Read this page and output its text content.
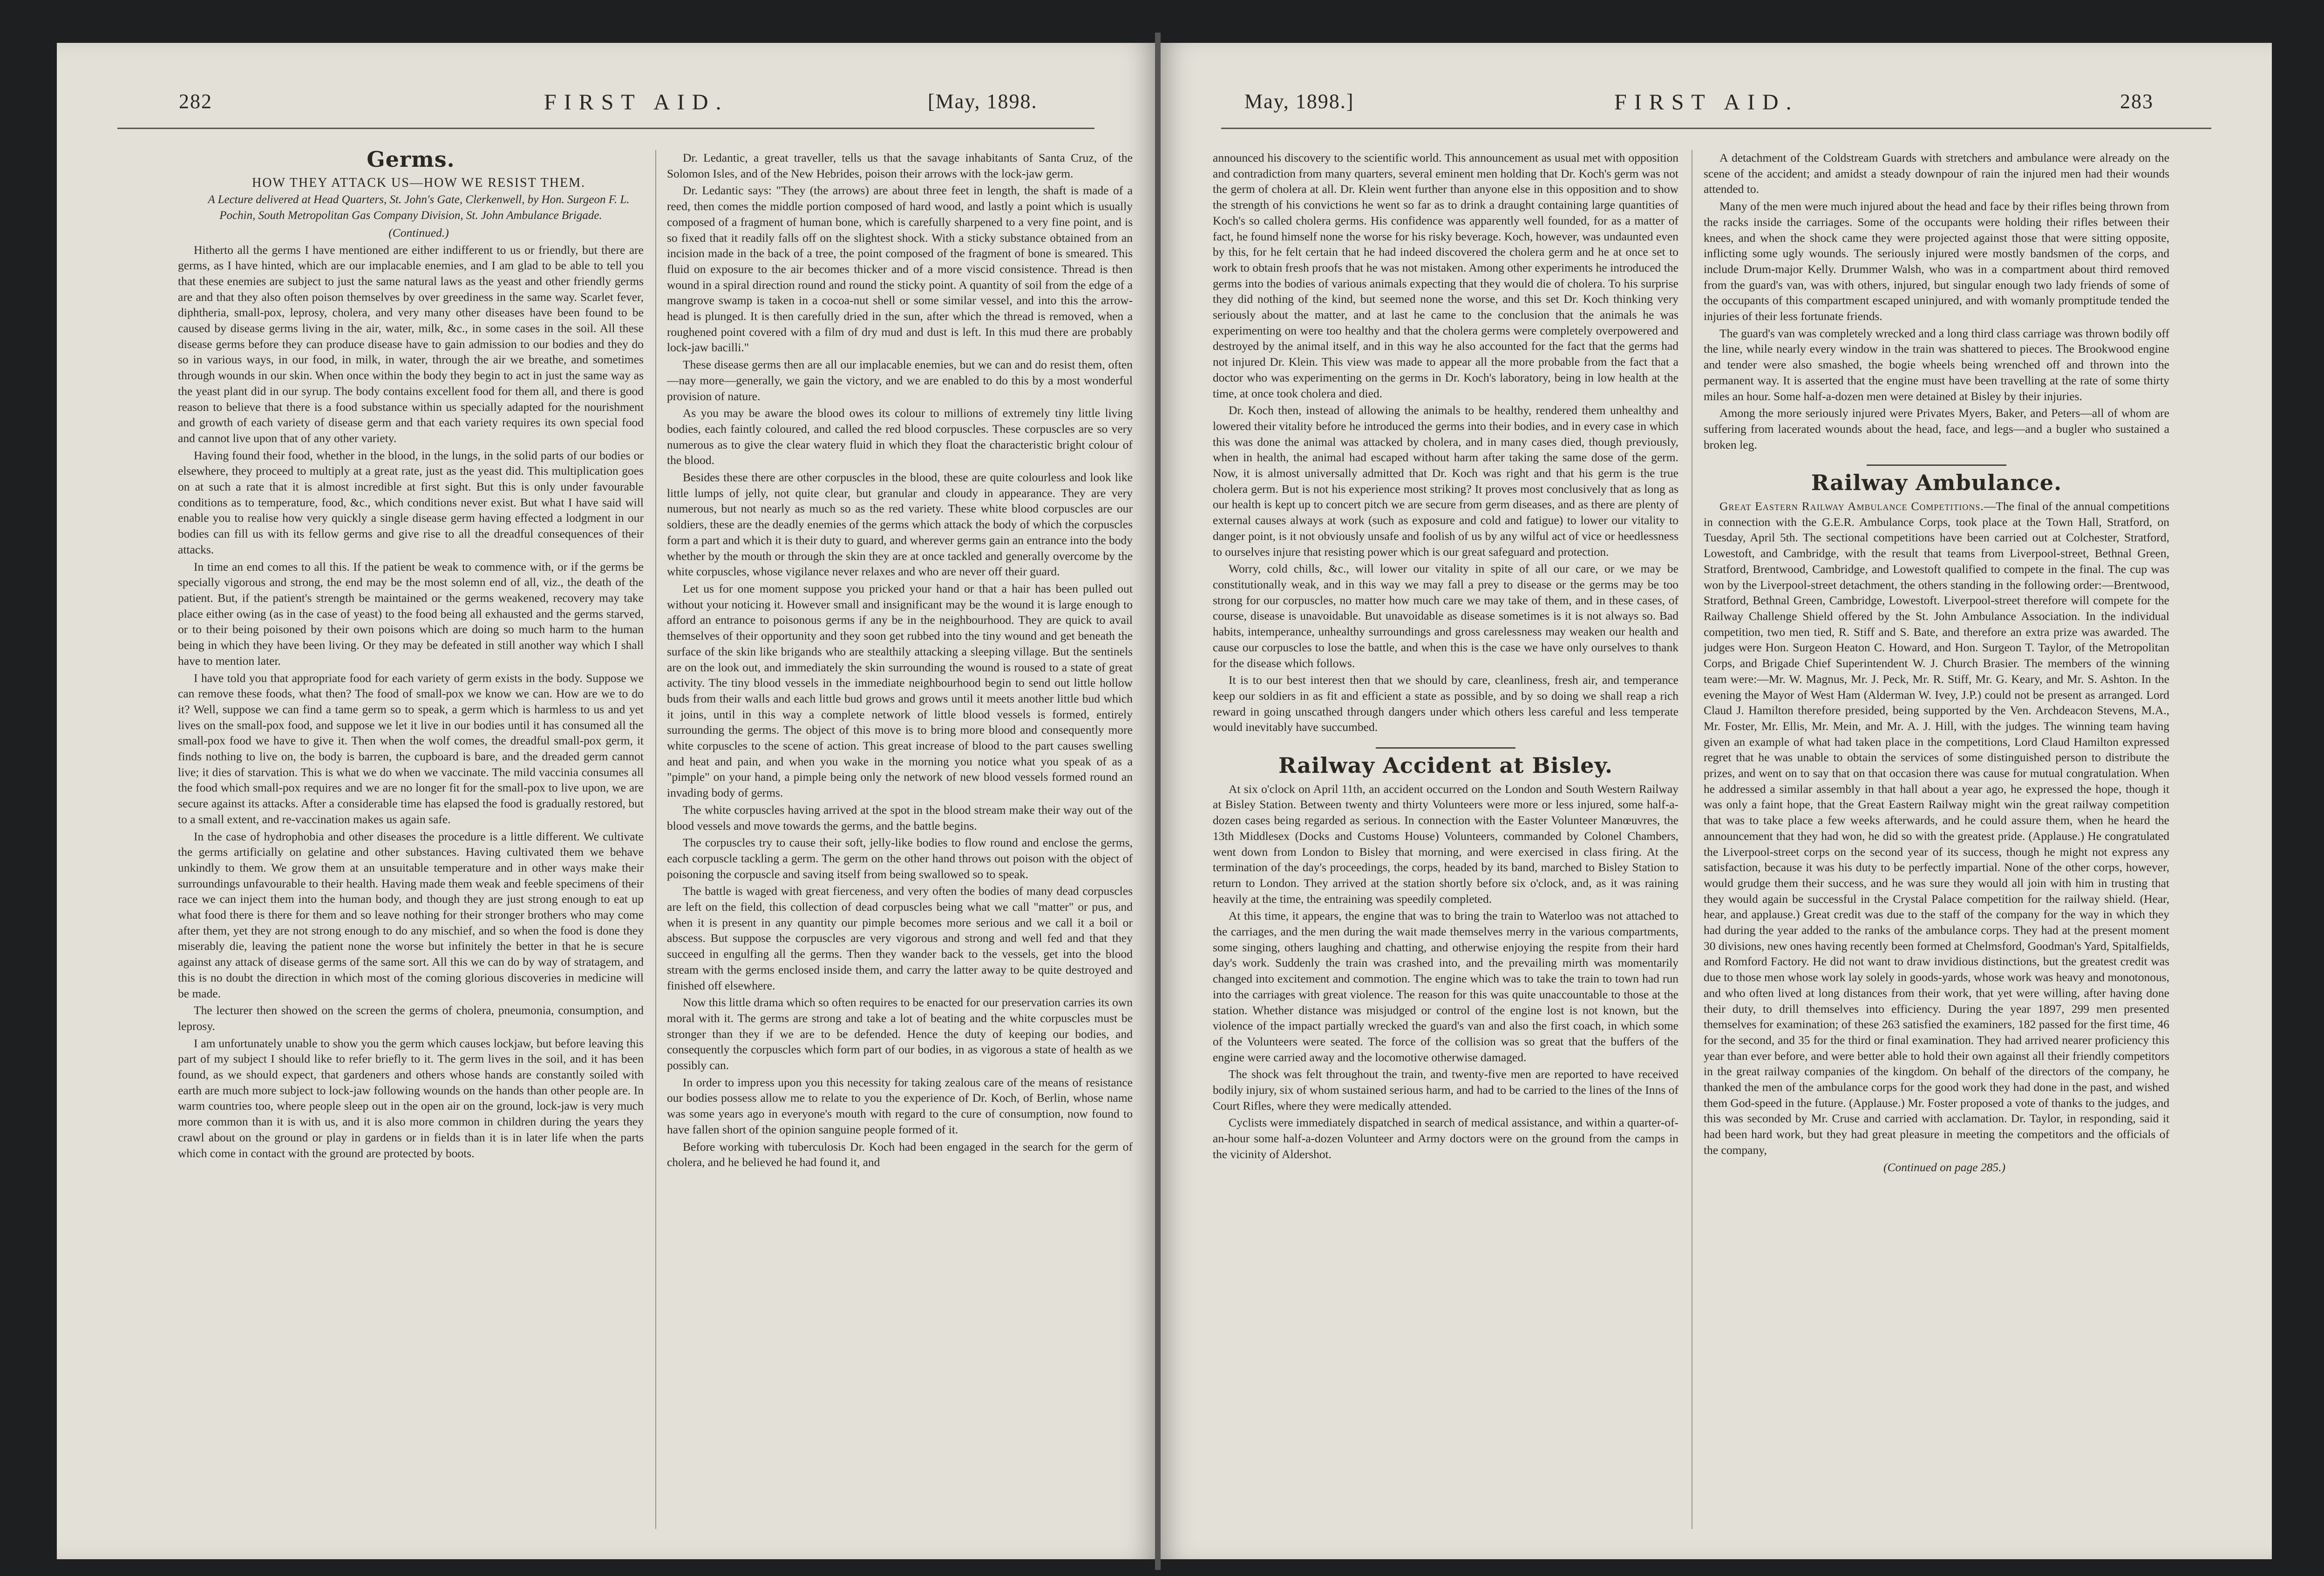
282	FIRST AID.	[May, 1898.
Germs.

HOW THEY ATTACK US—HOW WE RESIST THEM.

A Lecture delivered at Head Quarters, St. John's Gate, Clerkenwell, by Hon. Surgeon F. L. Pochin, South Metropolitan Gas Company Division, St. John Ambulance Brigade.

(Continued.)

Hitherto all the germs I have mentioned are either indifferent to us or friendly, but there are germs, as I have hinted, which are our implacable enemies, and I am glad to be able to tell you that these enemies are subject to just the same natural laws as the yeast and other friendly germs are and that they also often poison themselves by over greediness in the same way. Scarlet fever, diphtheria, small-pox, leprosy, cholera, and very many other diseases have been found to be caused by disease germs living in the air, water, milk, &c., in some cases in the soil. All these disease germs before they can produce disease have to gain admission to our bodies and they do so in various ways, in our food, in milk, in water, through the air we breathe, and sometimes through wounds in our skin. When once within the body they begin to act in just the same way as the yeast plant did in our syrup. The body contains excellent food for them all, and there is good reason to believe that there is a food substance within us specially adapted for the nourishment and growth of each variety of disease germ and that each variety requires its own special food and cannot live upon that of any other variety.

Having found their food, whether in the blood, in the lungs, in the solid parts of our bodies or elsewhere, they proceed to multiply at a great rate, just as the yeast did. This multiplication goes on at such a rate that it is almost incredible at first sight. But this is only under favourable conditions as to temperature, food, &c., which conditions never exist. But what I have said will enable you to realise how very quickly a single disease germ having effected a lodgment in our bodies can fill us with its fellow germs and give rise to all the dreadful consequences of their attacks.

In time an end comes to all this. If the patient be weak to commence with, or if the germs be specially vigorous and strong, the end may be the most solemn end of all, viz., the death of the patient. But, if the patient's strength be maintained or the germs weakened, recovery may take place either owing (as in the case of yeast) to the food being all exhausted and the germs starved, or to their being poisoned by their own poisons which are doing so much harm to the human being in which they have been living. Or they may be defeated in still another way which I shall have to mention later.

I have told you that appropriate food for each variety of germ exists in the body. Suppose we can remove these foods, what then? The food of small-pox we know we can. How are we to do it? Well, suppose we can find a tame germ so to speak, a germ which is harmless to us and yet lives on the small-pox food, and suppose we let it live in our bodies until it has consumed all the small-pox food we have to give it. Then when the wolf comes, the dreadful small-pox germ, it finds nothing to live on, the body is barren, the cupboard is bare, and the dreaded germ cannot live; it dies of starvation. This is what we do when we vaccinate. The mild vaccinia consumes all the food which small-pox requires and we are no longer fit for the small-pox to live upon, we are secure against its attacks. After a considerable time has elapsed the food is gradually restored, but to a small extent, and re-vaccination makes us again safe.

In the case of hydrophobia and other diseases the procedure is a little different. We cultivate the germs artificially on gelatine and other substances. Having cultivated them we behave unkindly to them. We grow them at an unsuitable temperature and in other ways make their surroundings unfavourable to their health. Having made them weak and feeble specimens of their race we can inject them into the human body, and though they are just strong enough to eat up what food there is there for them and so leave nothing for their stronger brothers who may come after them, yet they are not strong enough to do any mischief, and so when the food is done they miserably die, leaving the patient none the worse but infinitely the better in that he is secure against any attack of disease germs of the same sort. All this we can do by way of stratagem, and this is no doubt the direction in which most of the coming glorious discoveries in medicine will be made.

The lecturer then showed on the screen the germs of cholera, pneumonia, consumption, and leprosy.

I am unfortunately unable to show you the germ which causes lockjaw, but before leaving this part of my subject I should like to refer briefly to it. The germ lives in the soil, and it has been found, as we should expect, that gardeners and others whose hands are constantly soiled with earth are much more subject to lock-jaw following wounds on the hands than other people are. In warm countries too, where people sleep out in the open air on the ground, lock-jaw is very much more common than it is with us, and it is also more common in children during the years they crawl about on the ground or play in gardens or in fields than it is in later life when the parts which come in contact with the ground are protected by boots.

Dr. Ledantic, a great traveller, tells us that the savage inhabitants of Santa Cruz, of the Solomon Isles, and of the New Hebrides, poison their arrows with the lock-jaw germ.

Dr. Ledantic says: "They (the arrows) are about three feet in length, the shaft is made of a reed, then comes the middle portion composed of hard wood, and lastly a point which is usually composed of a fragment of human bone, which is carefully sharpened to a very fine point, and is so fixed that it readily falls off on the slightest shock. With a sticky substance obtained from an incision made in the back of a tree, the point composed of the fragment of bone is smeared. This fluid on exposure to the air becomes thicker and of a more viscid consistence. Thread is then wound in a spiral direction round and round the sticky point. A quantity of soil from the edge of a mangrove swamp is taken in a cocoa-nut shell or some similar vessel, and into this the arrow-head is plunged. It is then carefully dried in the sun, after which the thread is removed, when a roughened point covered with a film of dry mud and dust is left. In this mud there are probably lock-jaw bacilli."

These disease germs then are all our implacable enemies, but we can and do resist them, often—nay more—generally, we gain the victory, and we are enabled to do this by a most wonderful provision of nature.

As you may be aware the blood owes its colour to millions of extremely tiny little living bodies, each faintly coloured, and called the red blood corpuscles. These corpuscles are so very numerous as to give the clear watery fluid in which they float the characteristic bright colour of the blood.

Besides these there are other corpuscles in the blood, these are quite colourless and look like little lumps of jelly, not quite clear, but granular and cloudy in appearance. They are very numerous, but not nearly as much so as the red variety. These white blood corpuscles are our soldiers, these are the deadly enemies of the germs which attack the body of which the corpuscles form a part and which it is their duty to guard, and wherever germs gain an entrance into the body whether by the mouth or through the skin they are at once tackled and generally overcome by the white corpuscles, whose vigilance never relaxes and who are never off their guard.

Let us for one moment suppose you pricked your hand or that a hair has been pulled out without your noticing it. However small and insignificant may be the wound it is large enough to afford an entrance to poisonous germs if any be in the neighbourhood. They are quick to avail themselves of their opportunity and they soon get rubbed into the tiny wound and get beneath the surface of the skin like brigands who are stealthily attacking a sleeping village. But the sentinels are on the look out, and immediately the skin surrounding the wound is roused to a state of great activity. The tiny blood vessels in the immediate neighbourhood begin to send out little hollow buds from their walls and each little bud grows and grows until it meets another little bud which it joins, until in this way a complete network of little blood vessels is formed, entirely surrounding the germs. The object of this move is to bring more blood and consequently more white corpuscles to the scene of action. This great increase of blood to the part causes swelling and heat and pain, and when you wake in the morning you notice what you speak of as a "pimple" on your hand, a pimple being only the network of new blood vessels formed round an invading body of germs.

The white corpuscles having arrived at the spot in the blood stream make their way out of the blood vessels and move towards the germs, and the battle begins.

The corpuscles try to cause their soft, jelly-like bodies to flow round and enclose the germs, each corpuscle tackling a germ. The germ on the other hand throws out poison with the object of poisoning the corpuscle and saving itself from being swallowed so to speak.

The battle is waged with great fierceness, and very often the bodies of many dead corpuscles are left on the field, this collection of dead corpuscles being what we call "matter" or pus, and when it is present in any quantity our pimple becomes more serious and we call it a boil or abscess. But suppose the corpuscles are very vigorous and strong and well fed and that they succeed in engulfing all the germs. Then they wander back to the vessels, get into the blood stream with the germs enclosed inside them, and carry the latter away to be quite destroyed and finished off elsewhere.

Now this little drama which so often requires to be enacted for our preservation carries its own moral with it. The germs are strong and take a lot of beating and the white corpuscles must be stronger than they if we are to be defended. Hence the duty of keeping our bodies, and consequently the corpuscles which form part of our bodies, in as vigorous a state of health as we possibly can.

In order to impress upon you this necessity for taking zealous care of the means of resistance our bodies possess allow me to relate to you the experience of Dr. Koch, of Berlin, whose name was some years ago in everyone's mouth with regard to the cure of consumption, now found to have fallen short of the opinion sanguine people formed of it.

Before working with tuberculosis Dr. Koch had been engaged in the search for the germ of cholera, and he believed he had found it, and

May, 1898.]	FIRST AID.	283

announced his discovery to the scientific world. This announcement as usual met with opposition and contradiction from many quarters, several eminent men holding that Dr. Koch's germ was not the germ of cholera at all. Dr. Klein went further than anyone else in this opposition and to show the strength of his convictions he went so far as to drink a draught containing large quantities of Koch's so called cholera germs. His confidence was apparently well founded, for as a matter of fact, he found himself none the worse for his risky beverage. Koch, however, was undaunted even by this, for he felt certain that he had indeed discovered the cholera germ and he at once set to work to obtain fresh proofs that he was not mistaken. Among other experiments he introduced the germs into the bodies of various animals expecting that they would die of cholera. To his surprise they did nothing of the kind, but seemed none the worse, and this set Dr. Koch thinking very seriously about the matter, and at last he came to the conclusion that the animals he was experimenting on were too healthy and that the cholera germs were completely overpowered and destroyed by the animal itself, and in this way he also accounted for the fact that the germs had not injured Dr. Klein. This view was made to appear all the more probable from the fact that a doctor who was experimenting on the germs in Dr. Koch's laboratory, being in low health at the time, at once took cholera and died.

Dr. Koch then, instead of allowing the animals to be healthy, rendered them unhealthy and lowered their vitality before he introduced the germs into their bodies, and in every case in which this was done the animal was attacked by cholera, and in many cases died, though previously, when in health, the animal had escaped without harm after taking the same dose of the germ. Now, it is almost universally admitted that Dr. Koch was right and that his germ is the true cholera germ. But is not his experience most striking? It proves most conclusively that as long as our health is kept up to concert pitch we are secure from germ diseases, and as there are plenty of external causes always at work (such as exposure and cold and fatigue) to lower our vitality to danger point, is it not obviously unsafe and foolish of us by any wilful act of vice or heedlessness to ourselves injure that resisting power which is our great safeguard and protection.

Worry, cold chills, &c., will lower our vitality in spite of all our care, or we may be constitutionally weak, and in this way we may fall a prey to disease or the germs may be too strong for our corpuscles, no matter how much care we may take of them, and in these cases, of course, disease is unavoidable. But unavoidable as disease sometimes is it is not always so. Bad habits, intemperance, unhealthy surroundings and gross carelessness may weaken our health and cause our corpuscles to lose the battle, and when this is the case we have only ourselves to thank for the disease which follows.

It is to our best interest then that we should by care, cleanliness, fresh air, and temperance keep our soldiers in as fit and efficient a state as possible, and by so doing we shall reap a rich reward in going unscathed through dangers under which others less careful and less temperate would inevitably have succumbed.

Railway Accident at Bisley.

At six o'clock on April 11th, an accident occurred on the London and South Western Railway at Bisley Station. Between twenty and thirty Volunteers were more or less injured, some half-a-dozen cases being regarded as serious. In connection with the Easter Volunteer Manœuvres, the 13th Middlesex (Docks and Customs House) Volunteers, commanded by Colonel Chambers, went down from London to Bisley that morning, and were exercised in class firing. At the termination of the day's proceedings, the corps, headed by its band, marched to Bisley Station to return to London. They arrived at the station shortly before six o'clock, and, as it was raining heavily at the time, the entraining was speedily completed.

At this time, it appears, the engine that was to bring the train to Waterloo was not attached to the carriages, and the men during the wait made themselves merry in the various compartments, some singing, others laughing and chatting, and otherwise enjoying the respite from their hard day's work. Suddenly the train was crashed into, and the prevailing mirth was momentarily changed into excitement and commotion. The engine which was to take the train to town had run into the carriages with great violence. The reason for this was quite unaccountable to those at the station. Whether distance was misjudged or control of the engine lost is not known, but the violence of the impact partially wrecked the guard's van and also the first coach, in which some of the Volunteers were seated. The force of the collision was so great that the buffers of the engine were carried away and the locomotive otherwise damaged.

The shock was felt throughout the train, and twenty-five men are reported to have received bodily injury, six of whom sustained serious harm, and had to be carried to the lines of the Inns of Court Rifles, where they were medically attended.

Cyclists were immediately dispatched in search of medical assistance, and within a quarter-of-an-hour some half-a-dozen Volunteer and Army doctors were on the ground from the camps in the vicinity of Aldershot.

A detachment of the Coldstream Guards with stretchers and ambulance were already on the scene of the accident; and amidst a steady downpour of rain the injured men had their wounds attended to.

Many of the men were much injured about the head and face by their rifles being thrown from the racks inside the carriages. Some of the occupants were holding their rifles between their knees, and when the shock came they were projected against those that were sitting opposite, inflicting some ugly wounds. The seriously injured were mostly bandsmen of the corps, and include Drum-major Kelly. Drummer Walsh, who was in a compartment about third removed from the guard's van, was with others, injured, but singular enough two lady friends of some of the occupants of this compartment escaped uninjured, and with womanly promptitude tended the injuries of their less fortunate friends.

The guard's van was completely wrecked and a long third class carriage was thrown bodily off the line, while nearly every window in the train was shattered to pieces. The Brookwood engine and tender were also smashed, the bogie wheels being wrenched off and thrown into the permanent way. It is asserted that the engine must have been travelling at the rate of some thirty miles an hour. Some half-a-dozen men were detained at Bisley by their injuries.

Among the more seriously injured were Privates Myers, Baker, and Peters—all of whom are suffering from lacerated wounds about the head, face, and legs—and a bugler who sustained a broken leg.

Railway Ambulance.

Great Eastern Railway Ambulance Competitions.—The final of the annual competitions in connection with the G.E.R. Ambulance Corps, took place at the Town Hall, Stratford, on Tuesday, April 5th. The sectional competitions have been carried out at Colchester, Stratford, Lowestoft, and Cambridge, with the result that teams from Liverpool-street, Bethnal Green, Stratford, Brentwood, Cambridge, and Lowestoft qualified to compete in the final. The cup was won by the Liverpool-street detachment, the others standing in the following order:—Brentwood, Stratford, Bethnal Green, Cambridge, Lowestoft. Liverpool-street therefore will compete for the Railway Challenge Shield offered by the St. John Ambulance Association. In the individual competition, two men tied, R. Stiff and S. Bate, and therefore an extra prize was awarded. The judges were Hon. Surgeon Heaton C. Howard, and Hon. Surgeon T. Taylor, of the Metropolitan Corps, and Brigade Chief Superintendent W. J. Church Brasier. The members of the winning team were:—Mr. W. Magnus, Mr. J. Peck, Mr. R. Stiff, Mr. G. Keary, and Mr. S. Ashton. In the evening the Mayor of West Ham (Alderman W. Ivey, J.P.) could not be present as arranged. Lord Claud J. Hamilton therefore presided, being supported by the Ven. Archdeacon Stevens, M.A., Mr. Foster, Mr. Ellis, Mr. Mein, and Mr. A. J. Hill, with the judges. The winning team having given an example of what had taken place in the competitions, Lord Claud Hamilton expressed regret that he was unable to obtain the services of some distinguished person to distribute the prizes, and went on to say that on that occasion there was cause for mutual congratulation. When he addressed a similar assembly in that hall about a year ago, he expressed the hope, though it was only a faint hope, that the Great Eastern Railway might win the great railway competition that was to take place a few weeks afterwards, and he could assure them, when he heard the announcement that they had won, he did so with the greatest pride. (Applause.) He congratulated the Liverpool-street corps on the second year of its success, though he might not express any satisfaction, because it was his duty to be perfectly impartial. None of the other corps, however, would grudge them their success, and he was sure they would all join with him in trusting that they would again be successful in the Crystal Palace competition for the railway shield. (Hear, hear, and applause.) Great credit was due to the staff of the company for the way in which they had during the year added to the ranks of the ambulance corps. They had at the present moment 30 divisions, new ones having recently been formed at Chelmsford, Goodman's Yard, Spitalfields, and Romford Factory. He did not want to draw invidious distinctions, but the greatest credit was due to those men whose work lay solely in goods-yards, whose work was heavy and monotonous, and who often lived at long distances from their work, that yet were willing, after having done their duty, to drill themselves into efficiency. During the year 1897, 299 men presented themselves for examination; of these 263 satisfied the examiners, 182 passed for the first time, 46 for the second, and 35 for the third or final examination. They had arrived nearer proficiency this year than ever before, and were better able to hold their own against all their friendly competitors in the great railway companies of the kingdom. On behalf of the directors of the company, he thanked the men of the ambulance corps for the good work they had done in the past, and wished them God-speed in the future. (Applause.) Mr. Foster proposed a vote of thanks to the judges, and this was seconded by Mr. Cruse and carried with acclamation. Dr. Taylor, in responding, said it had been hard work, but they had great pleasure in meeting the competitors and the officials of the company,

(Continued on page 285.)
